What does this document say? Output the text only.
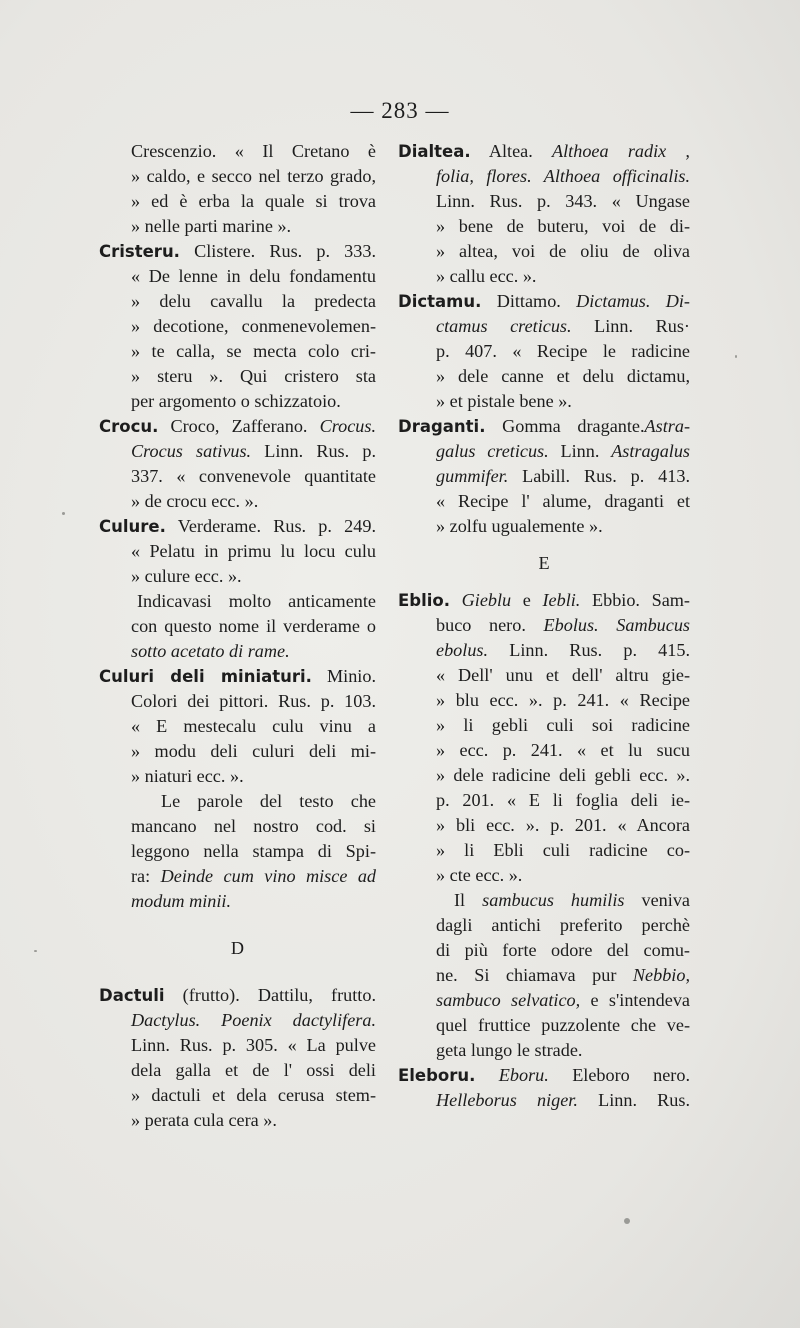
— 283 —
Crescenzio. « Il Cretano è
» caldo, e secco nel terzo grado,
» ed è erba la quale si trova
» nelle parti marine ».
Cristeru. Clistere. Rus. p. 333.
« De lenne in delu fondamentu
» delu cavallu la predecta
» decotione, conmenevolemen-
» te calla, se mecta colo cri-
» steru ». Qui cristero sta
per argomento o schizzatoio.
Crocu. Croco, Zafferano. Crocus.
Crocus sativus. Linn. Rus. p.
337. « convenevole quantitate
» de crocu ecc. ».
Culure. Verderame. Rus. p. 249.
« Pelatu in primu lu locu culu
» culure ecc. ».
Indicavasi molto anticamente
con questo nome il verderame o
sotto acetato di rame.
Culuri deli miniaturi. Minio.
Colori dei pittori. Rus. p. 103.
« E mestecalu culu vinu a
» modu deli culuri deli mi-
» niaturi ecc. ».
Le parole del testo che
mancano nel nostro cod. si
leggono nella stampa di Spi-
ra: Deinde cum vino misce ad
modum minii.
D
Dactuli (frutto). Dattilu, frutto.
Dactylus. Poenix dactylifera.
Linn. Rus. p. 305. « La pulve
dela galla et de l' ossi deli
» dactuli et dela cerusa stem-
» perata cula cera ».
Dialtea. Altea. Althoea radix ,
folia, flores. Althoea officinalis.
Linn. Rus. p. 343. « Ungase
» bene de buteru, voi de di-
» altea, voi de oliu de oliva
» callu ecc. ».
Dictamu. Dittamo. Dictamus. Di-
ctamus creticus. Linn. Rus·
p. 407. « Recipe le radicine
» dele canne et delu dictamu,
» et pistale bene ».
Draganti. Gomma dragante.Astra-
galus creticus. Linn. Astragalus
gummifer. Labill. Rus. p. 413.
« Recipe l' alume, draganti et
» zolfu ugualemente ».
E
Eblio. Gieblu e Iebli. Ebbio. Sam-
buco nero. Ebolus. Sambucus
ebolus. Linn. Rus. p. 415.
« Dell' unu et dell' altru gie-
» blu ecc. ». p. 241. « Recipe
» li gebli culi soi radicine
» ecc. p. 241. « et lu sucu
» dele radicine deli gebli ecc. ».
p. 201. « E li foglia deli ie-
» bli ecc. ». p. 201. « Ancora
» li Ebli culi radicine co-
» cte ecc. ».
Il sambucus humilis veniva
dagli antichi preferito perchè
di più forte odore del comu-
ne. Si chiamava pur Nebbio,
sambuco selvatico, e s'intendeva
quel fruttice puzzolente che ve-
geta lungo le strade.
Eleboru. Eboru. Eleboro nero.
Helleborus niger. Linn. Rus.
